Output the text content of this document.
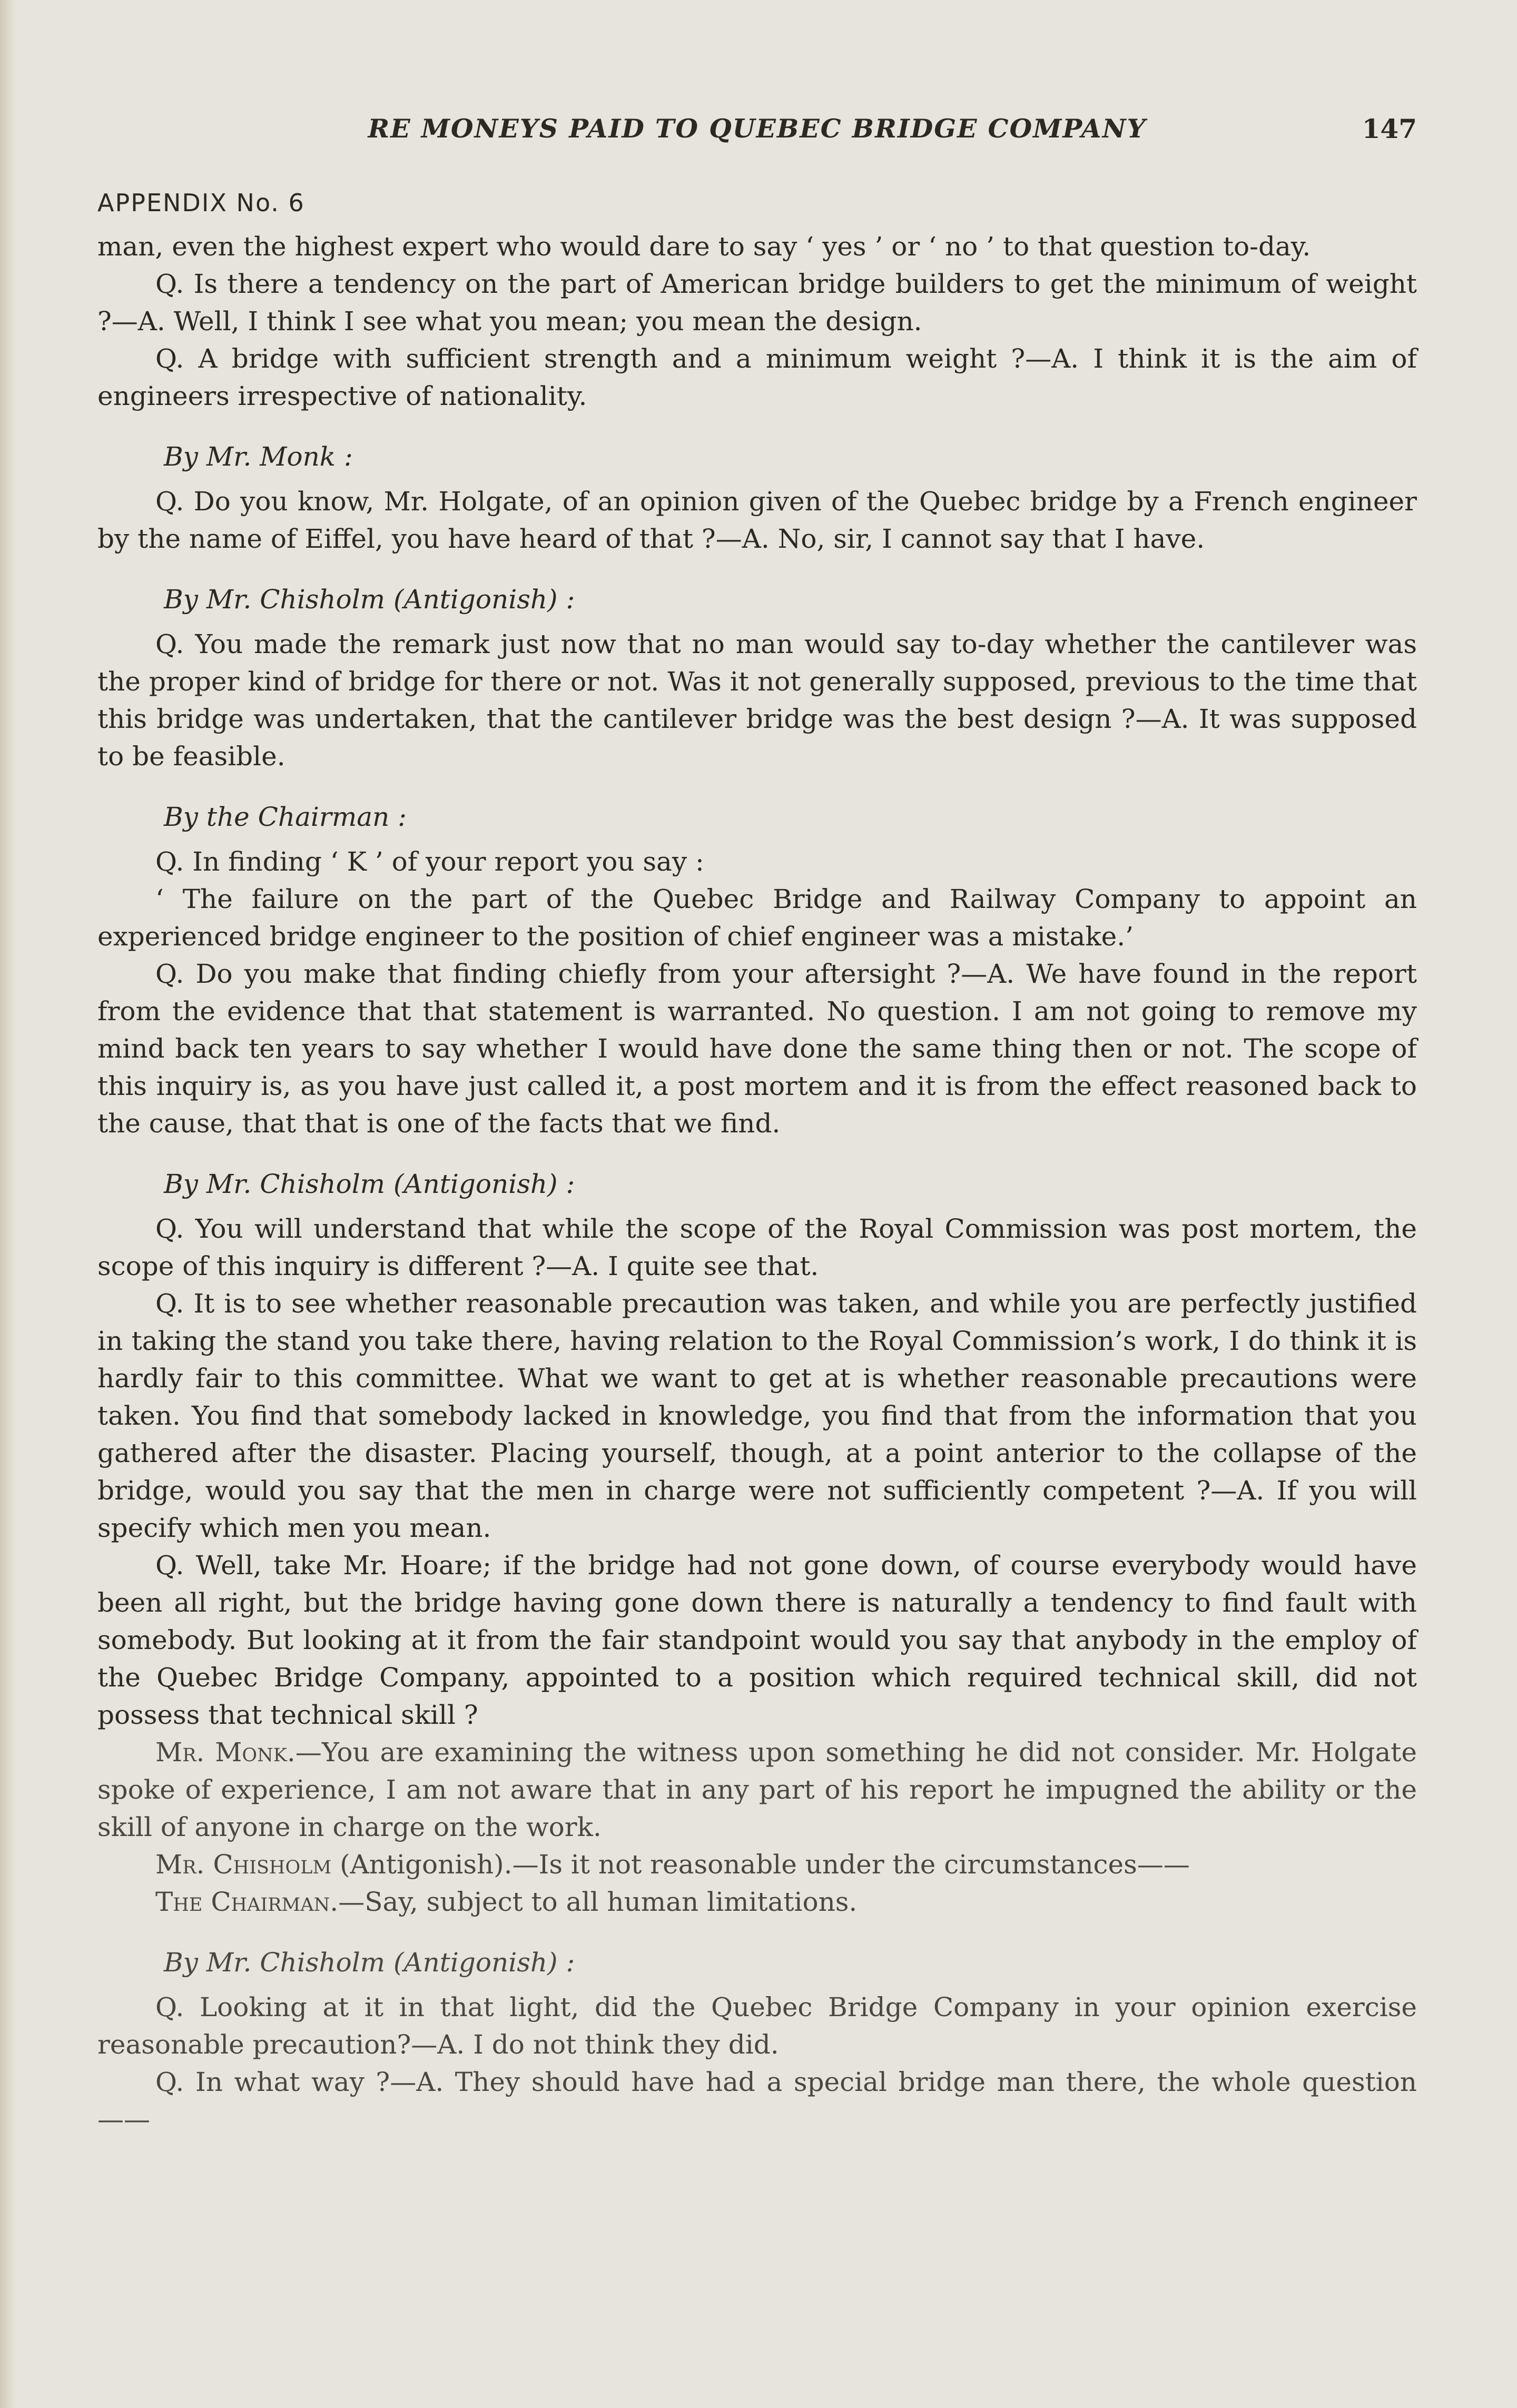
RE MONEYS PAID TO QUEBEC BRIDGE COMPANY	147
APPENDIX No. 6

man, even the highest expert who would dare to say ‘ yes ’ or ‘ no ’ to that question to-day.

Q. Is there a tendency on the part of American bridge builders to get the minimum of weight ?—A. Well, I think I see what you mean; you mean the design.

Q. A bridge with sufficient strength and a minimum weight ?—A. I think it is the aim of engineers irrespective of nationality.

By Mr. Monk :

Q. Do you know, Mr. Holgate, of an opinion given of the Quebec bridge by a French engineer by the name of Eiffel, you have heard of that ?—A. No, sir, I cannot say that I have.

By Mr. Chisholm (Antigonish) :

Q. You made the remark just now that no man would say to-day whether the cantilever was the proper kind of bridge for there or not. Was it not generally supposed, previous to the time that this bridge was undertaken, that the cantilever bridge was the best design ?—A. It was supposed to be feasible.

By the Chairman :

Q. In finding ‘ K ’ of your report you say :

‘ The failure on the part of the Quebec Bridge and Railway Company to appoint an experienced bridge engineer to the position of chief engineer was a mistake.’

Q. Do you make that finding chiefly from your aftersight ?—A. We have found in the report from the evidence that that statement is warranted. No question. I am not going to remove my mind back ten years to say whether I would have done the same thing then or not. The scope of this inquiry is, as you have just called it, a post mortem and it is from the effect reasoned back to the cause, that that is one of the facts that we find.

By Mr. Chisholm (Antigonish) :

Q. You will understand that while the scope of the Royal Commission was post mortem, the scope of this inquiry is different ?—A. I quite see that.

Q. It is to see whether reasonable precaution was taken, and while you are perfectly justified in taking the stand you take there, having relation to the Royal Commission’s work, I do think it is hardly fair to this committee. What we want to get at is whether reasonable precautions were taken. You find that somebody lacked in knowledge, you find that from the information that you gathered after the disaster. Placing yourself, though, at a point anterior to the collapse of the bridge, would you say that the men in charge were not sufficiently competent ?—A. If you will specify which men you mean.

Q. Well, take Mr. Hoare; if the bridge had not gone down, of course everybody would have been all right, but the bridge having gone down there is naturally a tendency to find fault with somebody. But looking at it from the fair standpoint would you say that anybody in the employ of the Quebec Bridge Company, appointed to a position which required technical skill, did not possess that technical skill ?

Mr. Monk.—You are examining the witness upon something he did not consider. Mr. Holgate spoke of experience, I am not aware that in any part of his report he impugned the ability or the skill of anyone in charge on the work.

Mr. Chisholm (Antigonish).—Is it not reasonable under the circumstances——

The Chairman.—Say, subject to all human limitations.

By Mr. Chisholm (Antigonish) :

Q. Looking at it in that light, did the Quebec Bridge Company in your opinion exercise reasonable precaution?—A. I do not think they did.

Q. In what way ?—A. They should have had a special bridge man there, the whole question——
